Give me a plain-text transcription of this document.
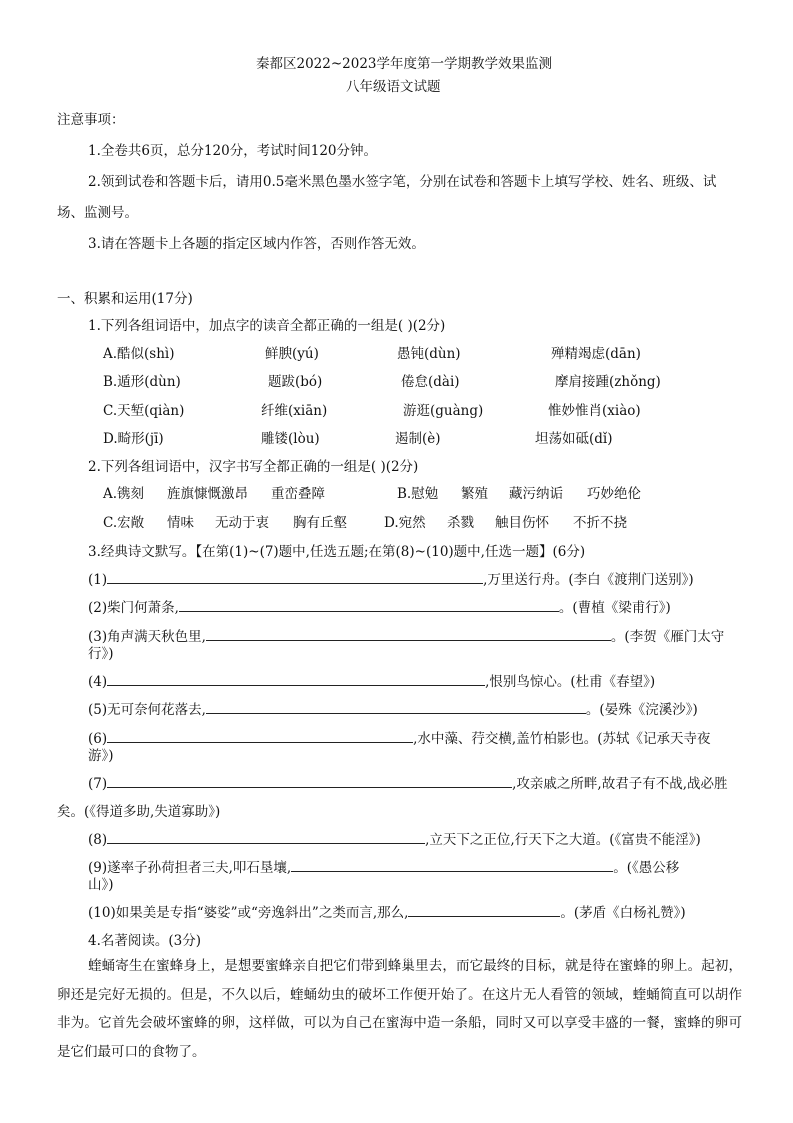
秦都区2022~2023学年度第一学期教学效果监测
八年级语文试题
注意事项：
1.全卷共6页，总分120分，考试时间120分钟。
2.领到试卷和答题卡后，请用0.5毫米黑色墨水签字笔，分别在试卷和答题卡上填写学校、姓名、班级、试
场、监测号。
3.请在答题卡上各题的指定区域内作答，否则作答无效。
一、积累和运用(17分)
1.下列各组词语中，加点字的读音全都正确的一组是( )(2分)
A.酷似(shì)	鲜腴(yú)	愚钝(dùn)	殚精竭虑(dān)
B.遁形(dùn)	题跋(bó)	倦怠(dài)	摩肩接踵(zhǒng)
C.天堑(qiàn)	纤维(xiān)	游逛(guàng)	惟妙惟肖(xiào)
D.畸形(jī)	雕镂(lòu)	遏制(è)	坦荡如砥(dǐ)
2.下列各组词语中，汉字书写全都正确的一组是( )(2分)
A.镌刻 旌旗慷慨激昂 重峦叠障	B.慰勉 繁殖 藏污纳诟 巧妙绝伦
C.宏敞 情味 无动于衷 胸有丘壑	D.宛然 杀戮 触目伤怀 不折不挠
3.经典诗文默写。【在第(1)~(7)题中,任选五题;在第(8)~(10)题中,任选一题】(6分)
(1)	,万里送行舟。(李白《渡荆门送别》)
(2)柴门何萧条,	。(曹植《梁甫行》)
(3)角声满天秋色里,	。(李贺《雁门太守
行》)
(4)	,恨别鸟惊心。(杜甫《春望》)
(5)无可奈何花落去,	。(晏殊《浣溪沙》)
(6)	,水中藻、荇交横,盖竹柏影也。(苏轼《记承天寺夜
游》)
(7)	,攻亲戚之所畔,故君子有不战,战必胜
矣。(《得道多助,失道寡助》)
(8)	,立天下之正位,行天下之大道。(《富贵不能淫》)
(9)遂率子孙荷担者三夫,叩石垦壤,	。(《愚公移
山》)
(10)如果美是专指“婆娑”或“旁逸斜出”之类而言,那么,	。(茅盾《白杨礼赞》)
4.名著阅读。(3分)
蝰蛹寄生在蜜蜂身上，是想要蜜蜂亲自把它们带到蜂巢里去，而它最终的目标，就是待在蜜蜂的卵上。起初，卵还是完好无损的。但是，不久以后，蝰蛹幼虫的破坏工作便开始了。在这片无人看管的领域，蝰蛹简直可以胡作非为。它首先会破坏蜜蜂的卵，这样做，可以为自己在蜜海中造一条船，同时又可以享受丰盛的一餐，蜜蜂的卵可是它们最可口的食物了。
